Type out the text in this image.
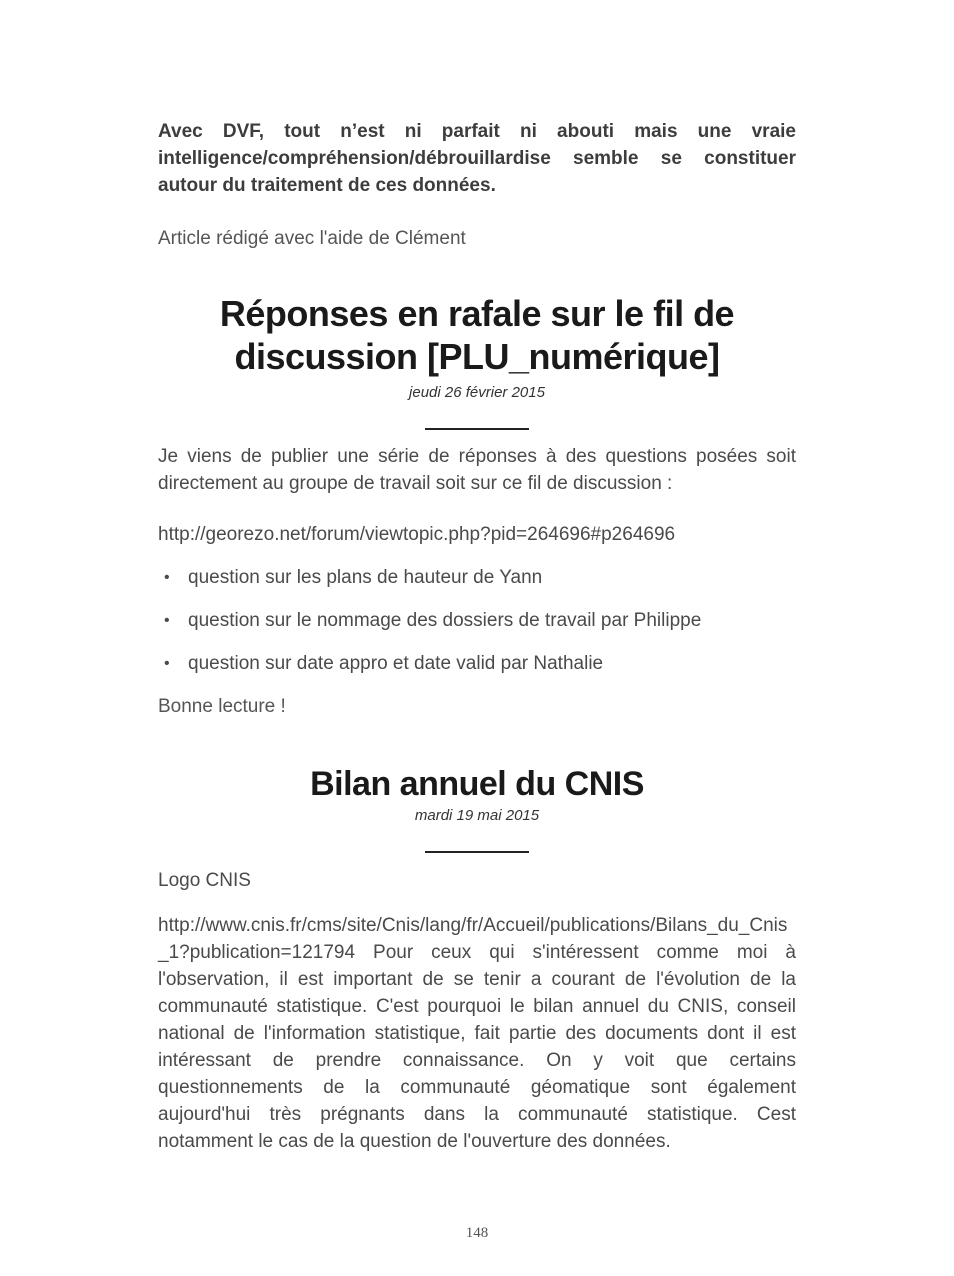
Avec DVF, tout n’est ni parfait ni abouti mais une vraie intelligence/compréhension/débrouillardise semble se constituer autour du traitement de ces données.

Article rédigé avec l'aide de Clément

Réponses en rafale sur le fil de discussion [PLU_numérique]

jeudi 26 février 2015

Je viens de publier une série de réponses à des questions posées soit directement au groupe de travail soit sur ce fil de discussion :

http://georezo.net/forum/viewtopic.php?pid=264696#p264696

• question sur les plans de hauteur de Yann
• question sur le nommage des dossiers de travail par Philippe
• question sur date appro et date valid par Nathalie

Bonne lecture !

Bilan annuel du CNIS

mardi 19 mai 2015

Logo CNIS

http://www.cnis.fr/cms/site/Cnis/lang/fr/Accueil/publications/Bilans_du_Cnis_1?publication=121794 Pour ceux qui s'intéressent comme moi à l'observation, il est important de se tenir a courant de l'évolution de la communauté statistique. C'est pourquoi le bilan annuel du CNIS, conseil national de l'information statistique, fait partie des documents dont il est intéressant de prendre connaissance. On y voit que certains questionnements de la communauté géomatique sont également aujourd'hui très prégnants dans la communauté statistique. Cest notamment le cas de la question de l'ouverture des données.

148
